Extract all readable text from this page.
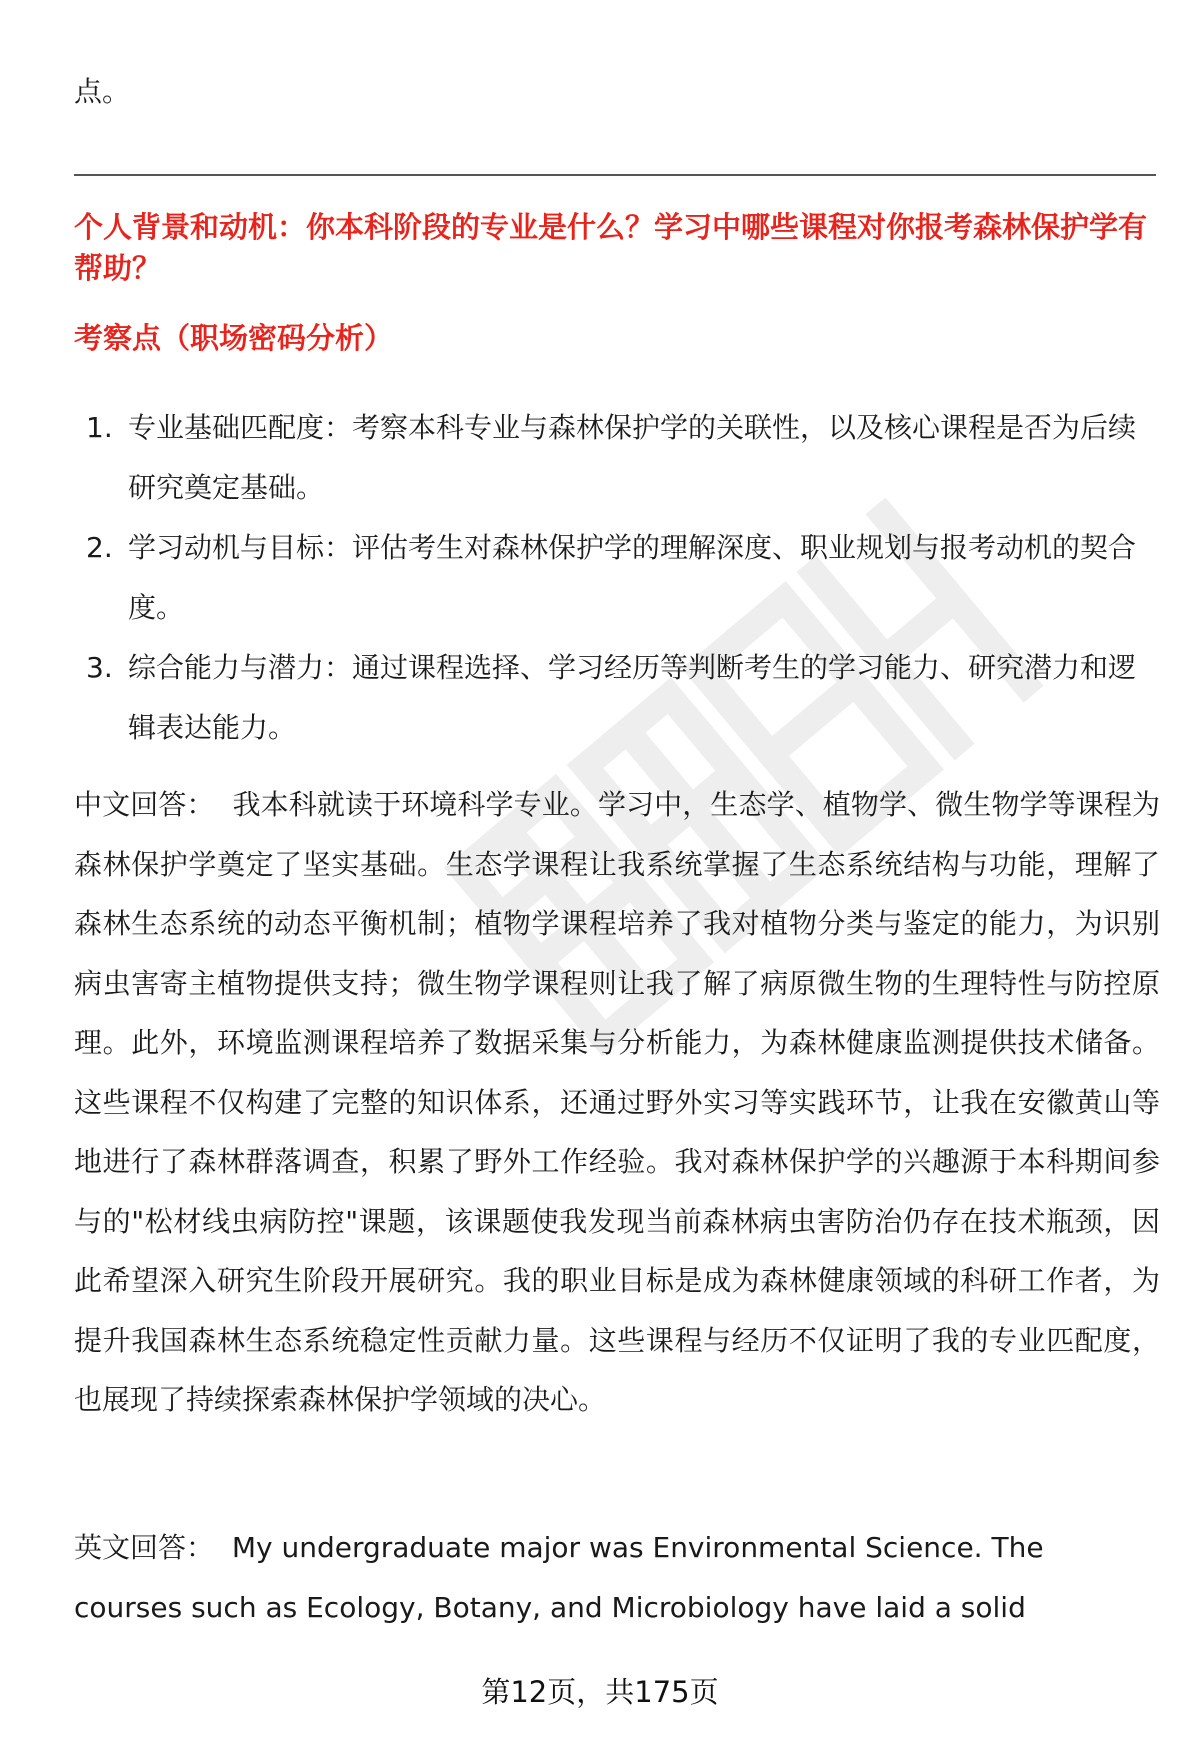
点。

个人背景和动机：你本科阶段的专业是什么？学习中哪些课程对你报考森林保护学有帮助？

考察点（职场密码分析）

1. 专业基础匹配度：考察本科专业与森林保护学的关联性，以及核心课程是否为后续研究奠定基础。
2. 学习动机与目标：评估考生对森林保护学的理解深度、职业规划与报考动机的契合度。
3. 综合能力与潜力：通过课程选择、学习经历等判断考生的学习能力、研究潜力和逻辑表达能力。

中文回答： 我本科就读于环境科学专业。学习中，生态学、植物学、微生物学等课程为森林保护学奠定了坚实基础。生态学课程让我系统掌握了生态系统结构与功能，理解了森林生态系统的动态平衡机制；植物学课程培养了我对植物分类与鉴定的能力，为识别病虫害寄主植物提供支持；微生物学课程则让我了解了病原微生物的生理特性与防控原理。此外，环境监测课程培养了数据采集与分析能力，为森林健康监测提供技术储备。这些课程不仅构建了完整的知识体系，还通过野外实习等实践环节，让我在安徽黄山等地进行了森林群落调查，积累了野外工作经验。我对森林保护学的兴趣源于本科期间参与的"松材线虫病防控"课题，该课题使我发现当前森林病虫害防治仍存在技术瓶颈，因此希望深入研究生阶段开展研究。我的职业目标是成为森林健康领域的科研工作者，为提升我国森林生态系统稳定性贡献力量。这些课程与经历不仅证明了我的专业匹配度，也展现了持续探索森林保护学领域的决心。

英文回答： My undergraduate major was Environmental Science. The courses such as Ecology, Botany, and Microbiology have laid a solid

第12页，共175页
